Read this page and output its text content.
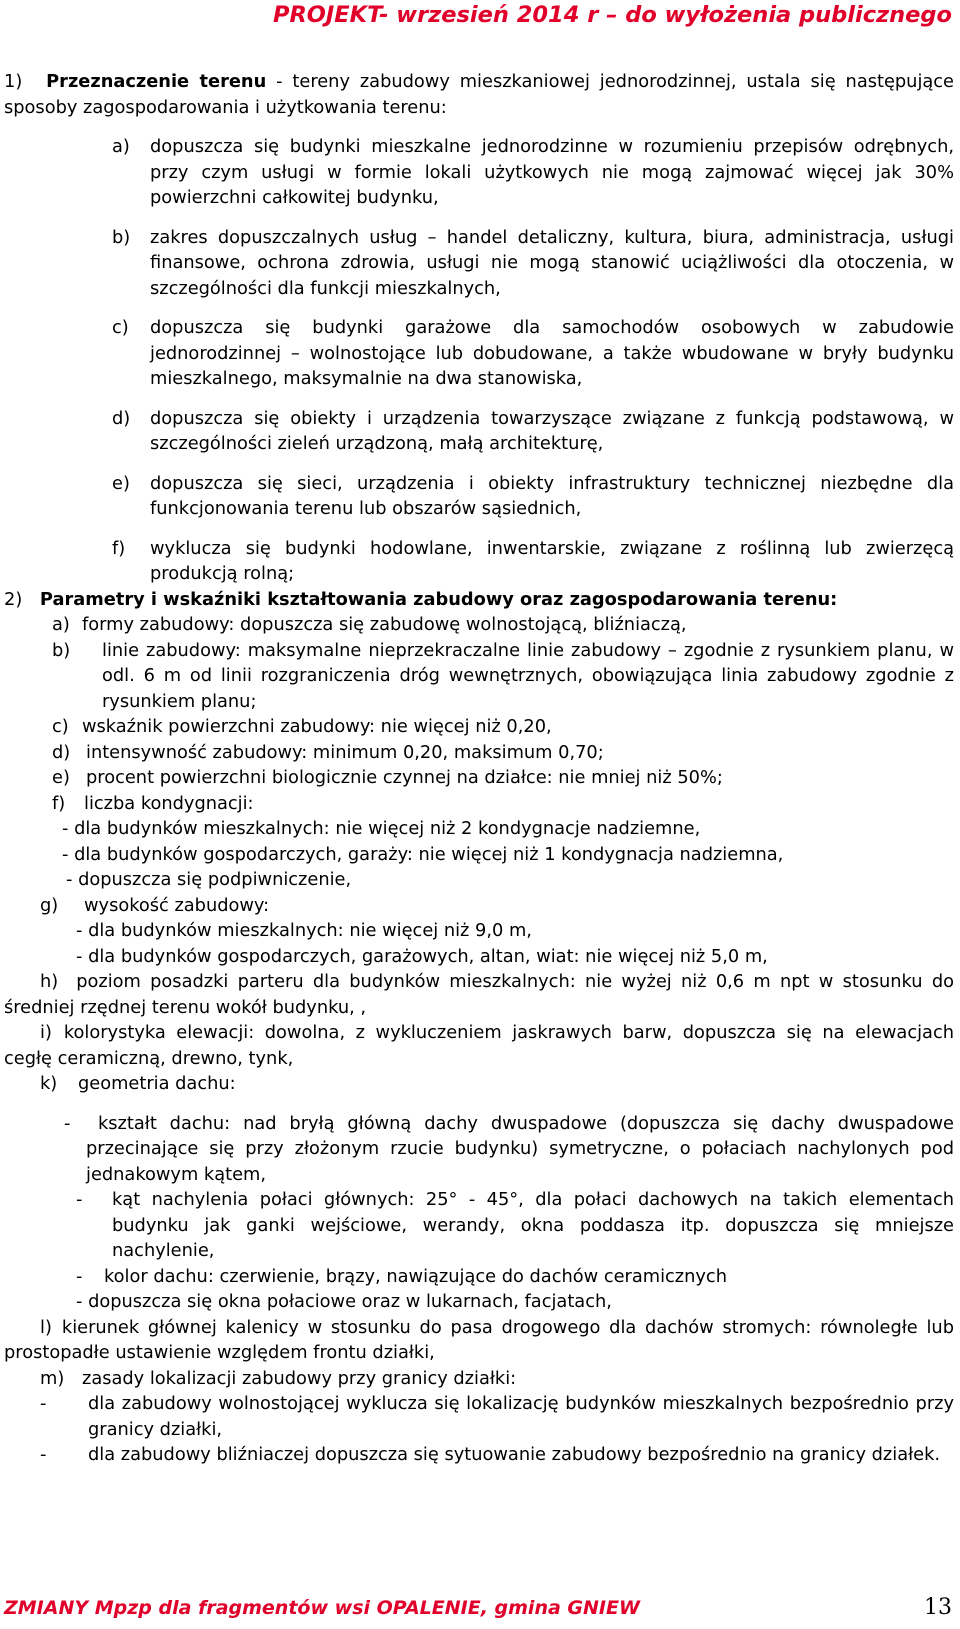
PROJEKT- wrzesień 2014 r – do wyłożenia publicznego
1) Przeznaczenie terenu - tereny zabudowy mieszkaniowej jednorodzinnej, ustala się następujące sposoby zagospodarowania i użytkowania terenu:
a)	dopuszcza się budynki mieszkalne jednorodzinne w rozumieniu przepisów odrębnych, przy czym usługi w formie lokali użytkowych nie mogą zajmować więcej jak 30% powierzchni całkowitej budynku,
b)	zakres dopuszczalnych usług – handel detaliczny, kultura, biura, administracja, usługi finansowe, ochrona zdrowia, usługi nie mogą stanowić uciążliwości dla otoczenia, w szczególności dla funkcji mieszkalnych,
c)	dopuszcza się budynki garażowe dla samochodów osobowych w zabudowie jednorodzinnej – wolnostojące lub dobudowane, a także wbudowane w bryły budynku mieszkalnego, maksymalnie na dwa stanowiska,
d)	dopuszcza się obiekty i urządzenia towarzyszące związane z funkcją podstawową, w szczególności zieleń urządzoną, małą architekturę,
e)	dopuszcza się sieci, urządzenia i obiekty infrastruktury technicznej niezbędne dla funkcjonowania terenu lub obszarów sąsiednich,
f)	wyklucza się budynki hodowlane, inwentarskie, związane z roślinną lub zwierzęcą produkcją rolną;
2) Parametry i wskaźniki kształtowania zabudowy oraz zagospodarowania terenu:
a) formy zabudowy: dopuszcza się zabudowę wolnostojącą, bliźniaczą,
b)	linie zabudowy: maksymalne nieprzekraczalne linie zabudowy – zgodnie z rysunkiem planu, w odl. 6 m od linii rozgraniczenia dróg wewnętrznych, obowiązująca linia zabudowy zgodnie z rysunkiem planu;
c) wskaźnik powierzchni zabudowy: nie więcej niż 0,20,
d) intensywność zabudowy: minimum 0,20, maksimum 0,70;
e) procent powierzchni biologicznie czynnej na działce: nie mniej niż 50%;
f)	liczba kondygnacji:
- dla budynków mieszkalnych: nie więcej niż 2 kondygnacje nadziemne,
- dla budynków gospodarczych, garaży: nie więcej niż 1 kondygnacja nadziemna,
- dopuszcza się podpiwniczenie,
g)	wysokość zabudowy:
- dla budynków mieszkalnych: nie więcej niż 9,0 m,
- dla budynków gospodarczych, garażowych, altan, wiat: nie więcej niż 5,0 m,
h) poziom posadzki parteru dla budynków mieszkalnych: nie wyżej niż 0,6 m npt w stosunku do średniej rzędnej terenu wokół budynku, ,
i) kolorystyka elewacji: dowolna, z wykluczeniem jaskrawych barw, dopuszcza się na elewacjach cegłę ceramiczną, drewno, tynk,
k)	geometria dachu:
-	kształt dachu: nad bryłą główną dachy dwuspadowe (dopuszcza się dachy dwuspadowe przecinające się przy złożonym rzucie budynku) symetryczne, o połaciach nachylonych pod jednakowym kątem,
-	kąt nachylenia połaci głównych: 25° - 45°, dla połaci dachowych na takich elementach budynku jak ganki wejściowe, werandy, okna poddasza itp. dopuszcza się mniejsze nachylenie,
-	kolor dachu: czerwienie, brązy, nawiązujące do dachów ceramicznych
- dopuszcza się okna połaciowe oraz w lukarnach, facjatach,
l) kierunek głównej kalenicy w stosunku do pasa drogowego dla dachów stromych: równoległe lub prostopadłe ustawienie względem frontu działki,
m) zasady lokalizacji zabudowy przy granicy działki:
-	dla zabudowy wolnostojącej wyklucza się lokalizację budynków mieszkalnych bezpośrednio przy granicy działki,
-	dla zabudowy bliźniaczej dopuszcza się sytuowanie zabudowy bezpośrednio na granicy działek.
ZMIANY Mpzp dla fragmentów wsi OPALENIE, gmina GNIEW	13
